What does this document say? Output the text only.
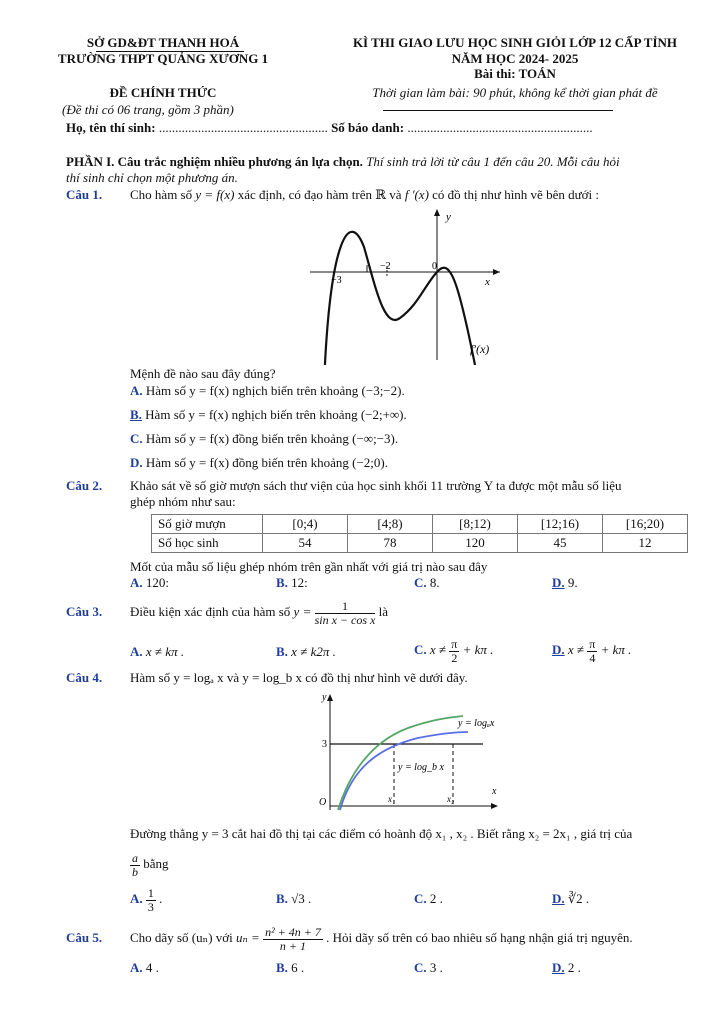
SỞ GD&ĐT THANH HOÁ
TRƯỜNG THPT QUẢNG XƯƠNG 1
KÌ THI GIAO LƯU HỌC SINH GIỎI LỚP 12 CẤP TỈNH
NĂM HỌC 2024- 2025
Bài thi: TOÁN
ĐỀ CHÍNH THỨC
(Đề thi có 06 trang, gồm 3 phần)
Thời gian làm bài: 90 phút, không kể thời gian phát đề
Họ, tên thí sinh: .................................................... Số báo danh: .........................................................
PHẦN I. Câu trắc nghiệm nhiều phương án lựa chọn. Thí sinh trả lời từ câu 1 đến câu 20. Mỗi câu hỏi
thí sinh chỉ chọn một phương án.
Câu 1. Cho hàm số y = f(x) xác định, có đạo hàm trên ℝ và f '(x) có đồ thị như hình vẽ bên dưới :
y
x
−3
−2	0
f′(x)
Mệnh đề nào sau đây đúng?
A. Hàm số y = f(x) nghịch biến trên khoảng (−3;−2).
B. Hàm số y = f(x) nghịch biến trên khoảng (−2;+∞).
C. Hàm số y = f(x) đồng biến trên khoảng (−∞;−3).
D. Hàm số y = f(x) đồng biến trên khoảng (−2;0).
Câu 2. Khảo sát về số giờ mượn sách thư viện của học sinh khối 11 trường Y ta được một mẫu số liệu
ghép nhóm như sau:
Số giờ mượn	[0;4)	[4;8)	[8;12)	[12;16)	[16;20)
Số học sinh	54	78	120	45	12
Mốt của mẫu số liệu ghép nhóm trên gần nhất với giá trị nào sau đây
A. 120:	B. 12:	C. 8.	D. 9.
Câu 3. Điều kiện xác định của hàm số $y = \frac{1}{\text{sin x − cos x}}$ là
A. x ≠ kπ .	B. x ≠ k2π .	C. $x \ne \frac{\pi}{2} + k\pi$ .	D. $x \ne \frac{\pi}{4} + k\pi$ .
Câu 4. Hàm số y = logₐ x và y = log_b x có đồ thị như hình vẽ dưới đây.
y
x
O
3
x₁	x₂
y = log_b x
y = logₐx
Đường thẳng y = 3 cắt hai đồ thị tại các điểm có hoành độ x₁ , x₂ . Biết rằng x₂ = 2x₁ , giá trị của
$\frac{a}{b}$ bằng
A. $\frac{1}{3}$ .	B. √3 .	C. 2 .	D. ∛2 .
Câu 5. Cho dãy số (uₙ) với $u_n = \frac{\text{n² + 4n + 7}}{n + 1}$ . Hỏi dãy số trên có bao nhiêu số hạng nhận giá trị nguyên.
A. 4 .	B. 6 .	C. 3 .	D. 2 .
